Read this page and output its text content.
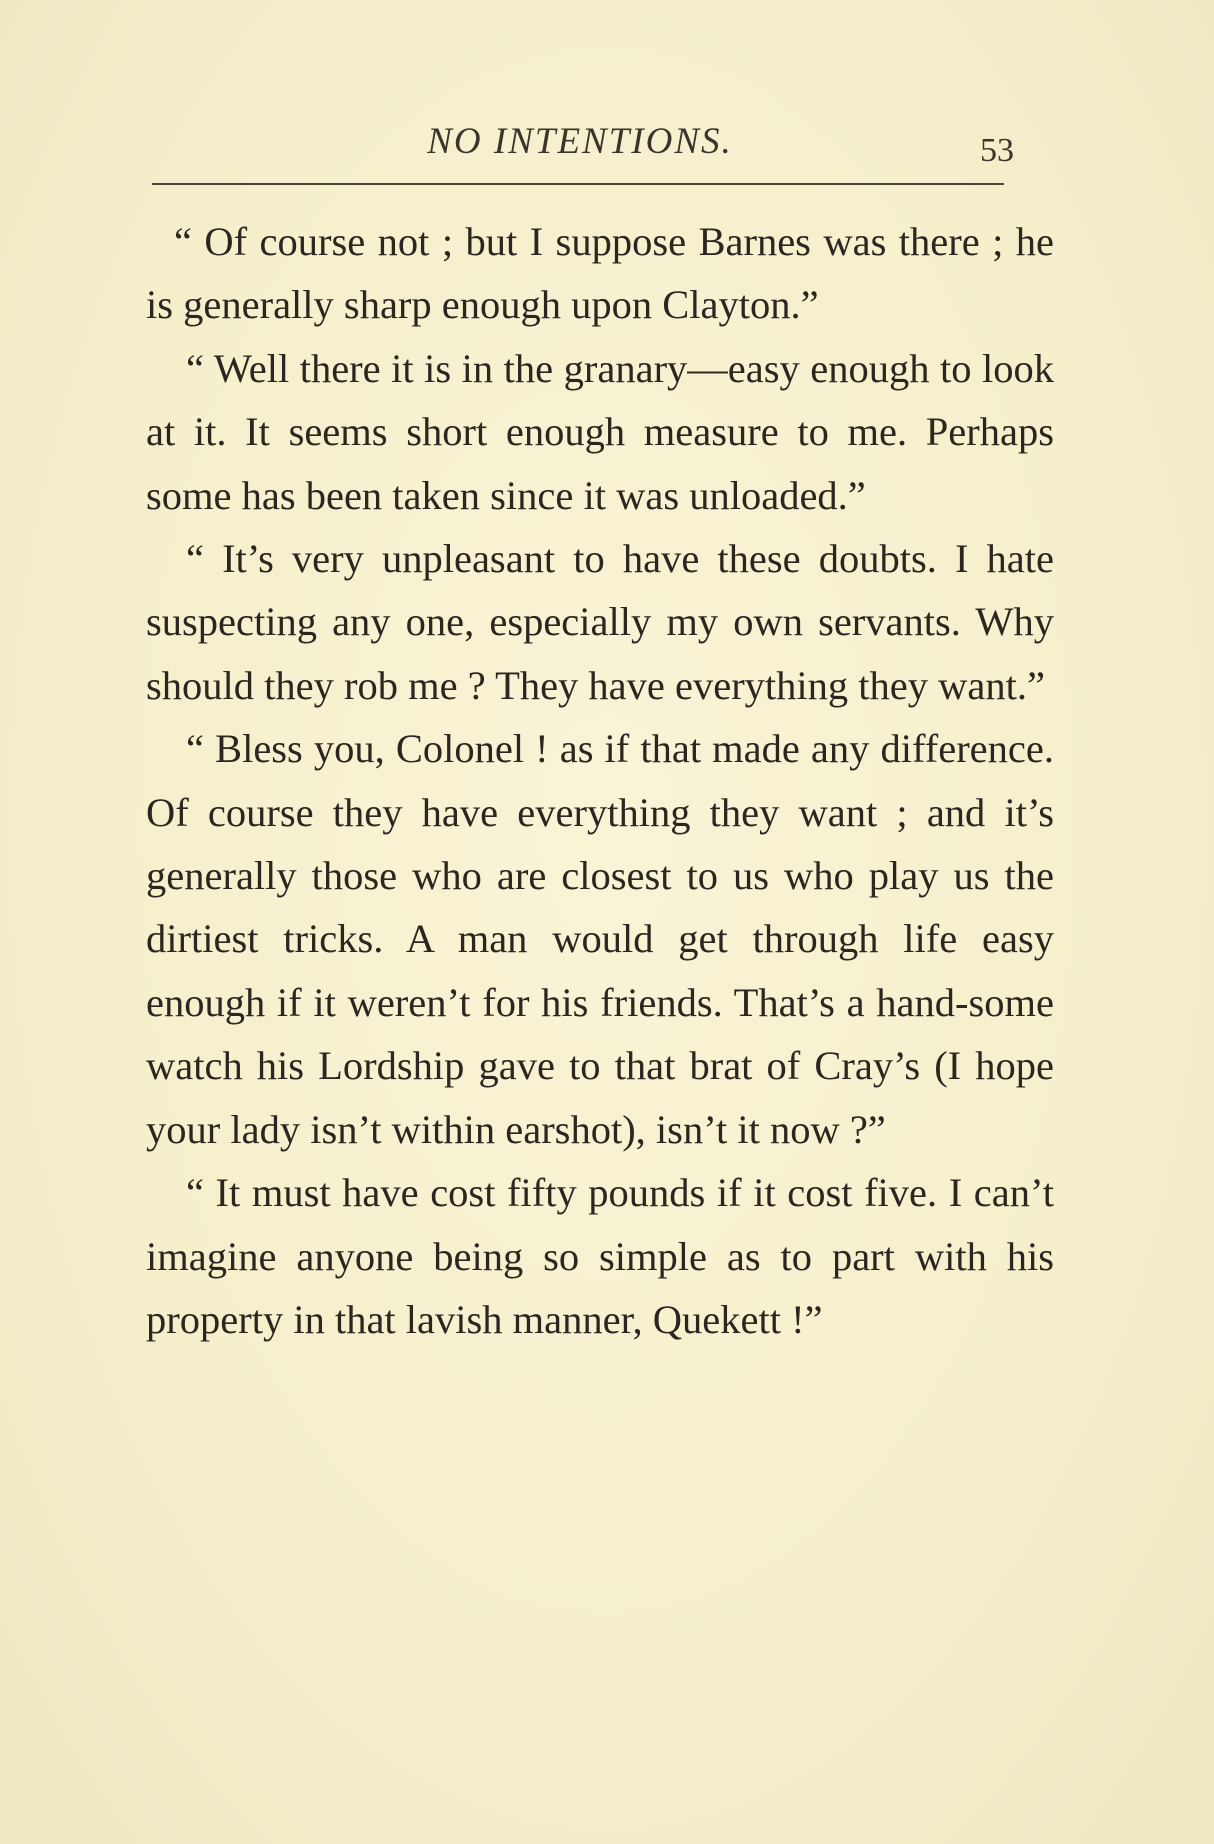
NO INTENTIONS.	53

“ Of course not ; but I suppose Barnes was there ; he is generally sharp enough upon Clayton.”

“ Well there it is in the granary—easy enough to look at it. It seems short enough measure to me. Perhaps some has been taken since it was unloaded.”

“ It’s very unpleasant to have these doubts. I hate suspecting any one, especially my own servants. Why should they rob me ? They have everything they want.”

“ Bless you, Colonel ! as if that made any difference. Of course they have everything they want ; and it’s generally those who are closest to us who play us the dirtiest tricks. A man would get through life easy enough if it weren’t for his friends. That’s a hand-some watch his Lordship gave to that brat of Cray’s (I hope your lady isn’t within earshot), isn’t it now ?”

“ It must have cost fifty pounds if it cost five. I can’t imagine anyone being so simple as to part with his property in that lavish manner, Quekett !”
